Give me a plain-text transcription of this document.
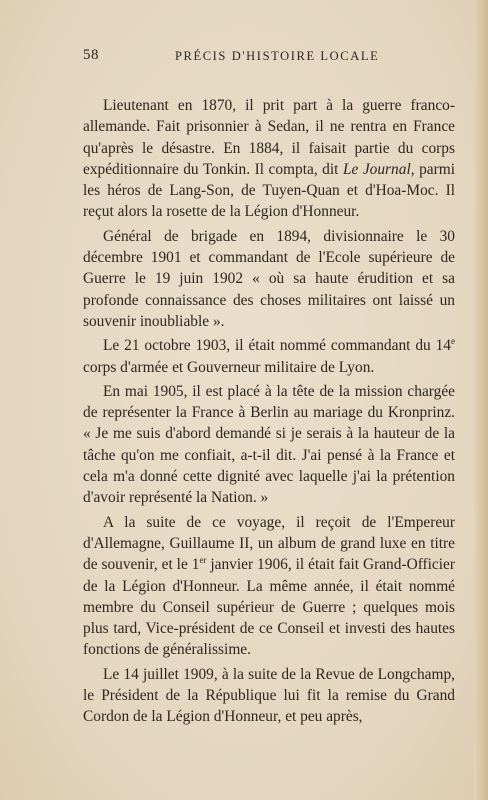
58	PRÉCIS D'HISTOIRE LOCALE

Lieutenant en 1870, il prit part à la guerre franco-allemande. Fait prisonnier à Sedan, il ne rentra en France qu'après le désastre. En 1884, il faisait partie du corps expéditionnaire du Tonkin. Il compta, dit Le Journal, parmi les héros de Lang-Son, de Tuyen-Quan et d'Hoa-Moc. Il reçut alors la rosette de la Légion d'Honneur.

Général de brigade en 1894, divisionnaire le 30 décembre 1901 et commandant de l'Ecole supérieure de Guerre le 19 juin 1902 « où sa haute érudition et sa profonde connaissance des choses militaires ont laissé un souvenir inoubliable ».

Le 21 octobre 1903, il était nommé commandant du 14e corps d'armée et Gouverneur militaire de Lyon.

En mai 1905, il est placé à la tête de la mission chargée de représenter la France à Berlin au mariage du Kronprinz. « Je me suis d'abord demandé si je serais à la hauteur de la tâche qu'on me confiait, a-t-il dit. J'ai pensé à la France et cela m'a donné cette dignité avec laquelle j'ai la prétention d'avoir représenté la Nation. »

A la suite de ce voyage, il reçoit de l'Empereur d'Allemagne, Guillaume II, un album de grand luxe en titre de souvenir, et le 1er janvier 1906, il était fait Grand-Officier de la Légion d'Honneur. La même année, il était nommé membre du Conseil supérieur de Guerre ; quelques mois plus tard, Vice-président de ce Conseil et investi des hautes fonctions de généralissime.

Le 14 juillet 1909, à la suite de la Revue de Longchamp, le Président de la République lui fit la remise du Grand Cordon de la Légion d'Honneur, et peu après,
